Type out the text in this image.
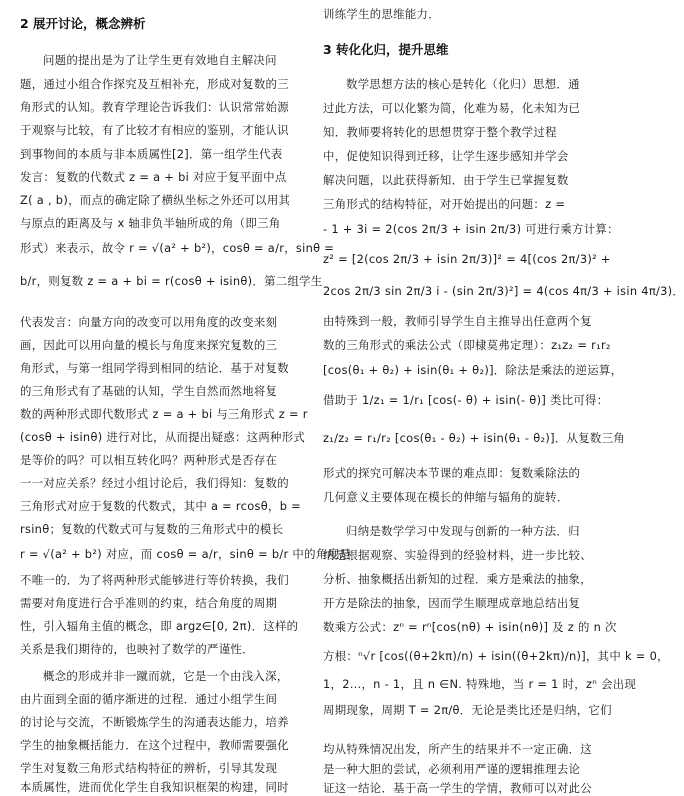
2 展开讨论，概念辨析
问题的提出是为了让学生更有效地自主解决问
题，通过小组合作探究及互相补充，形成对复数的三
角形式的认知。教育学理论告诉我们：认识常常始源
于观察与比较，有了比较才有相应的鉴别，才能认识
到事物间的本质与非本质属性[2]．第一组学生代表
发言：复数的代数式 z = a + bi 对应于复平面中点
Z( a , b)，而点的确定除了横纵坐标之外还可以用其
与原点的距离及与 x 轴非负半轴所成的角（即三角
形式）来表示，故令 r = √(a² + b²)，cosθ = a/r，sinθ =
b/r，则复数 z = a + bi = r(cosθ + isinθ)．第二组学生
代表发言：向量方向的改变可以用角度的改变来刻
画，因此可以用向量的模长与角度来探究复数的三
角形式，与第一组同学得到相同的结论．基于对复数
的三角形式有了基础的认知，学生自然而然地将复
数的两种形式即代数形式 z = a + bi 与三角形式 z = r
(cosθ + isinθ) 进行对比，从而提出疑惑：这两种形式
是等价的吗？可以相互转化吗？两种形式是否存在
一一对应关系？经过小组讨论后，我们得知：复数的
三角形式对应于复数的代数式，其中 a = rcosθ，b =
rsinθ；复数的代数式可与复数的三角形式中的模长
r = √(a² + b²) 对应，而 cosθ = a/r，sinθ = b/r 中的角度是
不唯一的．为了将两种形式能够进行等价转换，我们
需要对角度进行合乎准则的约束，结合角度的周期
性，引入辐角主值的概念，即 argz∈[0, 2π)．这样的
关系是我们期待的，也映衬了数学的严谨性．
概念的形成并非一蹴而就，它是一个由浅入深，
由片面到全面的循序渐进的过程．通过小组学生间
的讨论与交流，不断锻炼学生的沟通表达能力，培养
学生的抽象概括能力．在这个过程中，教师需要强化
学生对复数三角形式结构特征的辨析，引导其发现
本质属性，进而优化学生自我知识框架的构建，同时
训练学生的思维能力．
3 转化化归，提升思维
数学思想方法的核心是转化（化归）思想．通
过此方法，可以化繁为简，化难为易，化未知为已
知．教师要将转化的思想贯穿于整个教学过程
中，促使知识得到迁移，让学生逐步感知并学会
解决问题，以此获得新知．由于学生已掌握复数
三角形式的结构特征，对开始提出的问题：z =
- 1 + 3i = 2(cos 2π/3 + isin 2π/3) 可进行乘方计算：
z² = [2(cos 2π/3 + isin 2π/3)]² = 4[(cos 2π/3)² +
2cos 2π/3 sin 2π/3 i - (sin 2π/3)²] = 4(cos 4π/3 + isin 4π/3)．
由特殊到一般，教师引导学生自主推导出任意两个复
数的三角形式的乘法公式（即棣莫弗定理）：z₁z₂ = r₁r₂
[cos(θ₁ + θ₂) + isin(θ₁ + θ₂)]．除法是乘法的逆运算，
借助于 1/z₁ = 1/r₁ [cos(- θ) + isin(- θ)] 类比可得：
z₁/z₂ = r₁/r₂ [cos(θ₁ - θ₂) + isin(θ₁ - θ₂)]．从复数三角
形式的探究可解决本节课的难点即：复数乘除法的
几何意义主要体现在模长的伸缩与辐角的旋转．
归纳是数学学习中发现与创新的一种方法．归
纳是根据观察、实验得到的经验材料，进一步比较、
分析、抽象概括出新知的过程．乘方是乘法的抽象，
开方是除法的抽象，因而学生顺理成章地总结出复
数乘方公式：zⁿ = rⁿ[cos(nθ) + isin(nθ)] 及 z 的 n 次
方根：ⁿ√r [cos((θ+2kπ)/n) + isin((θ+2kπ)/n)]，其中 k = 0，
1，2…，n - 1，且 n ∈N. 特殊地，当 r = 1 时，zⁿ 会出现
周期现象，周期 T = 2π/θ．无论是类比还是归纳，它们
均从特殊情况出发，所产生的结果并不一定正确．这
是一种大胆的尝试，必须利用严谨的逻辑推理去论
证这一结论．基于高一学生的学情，教师可以对此公
